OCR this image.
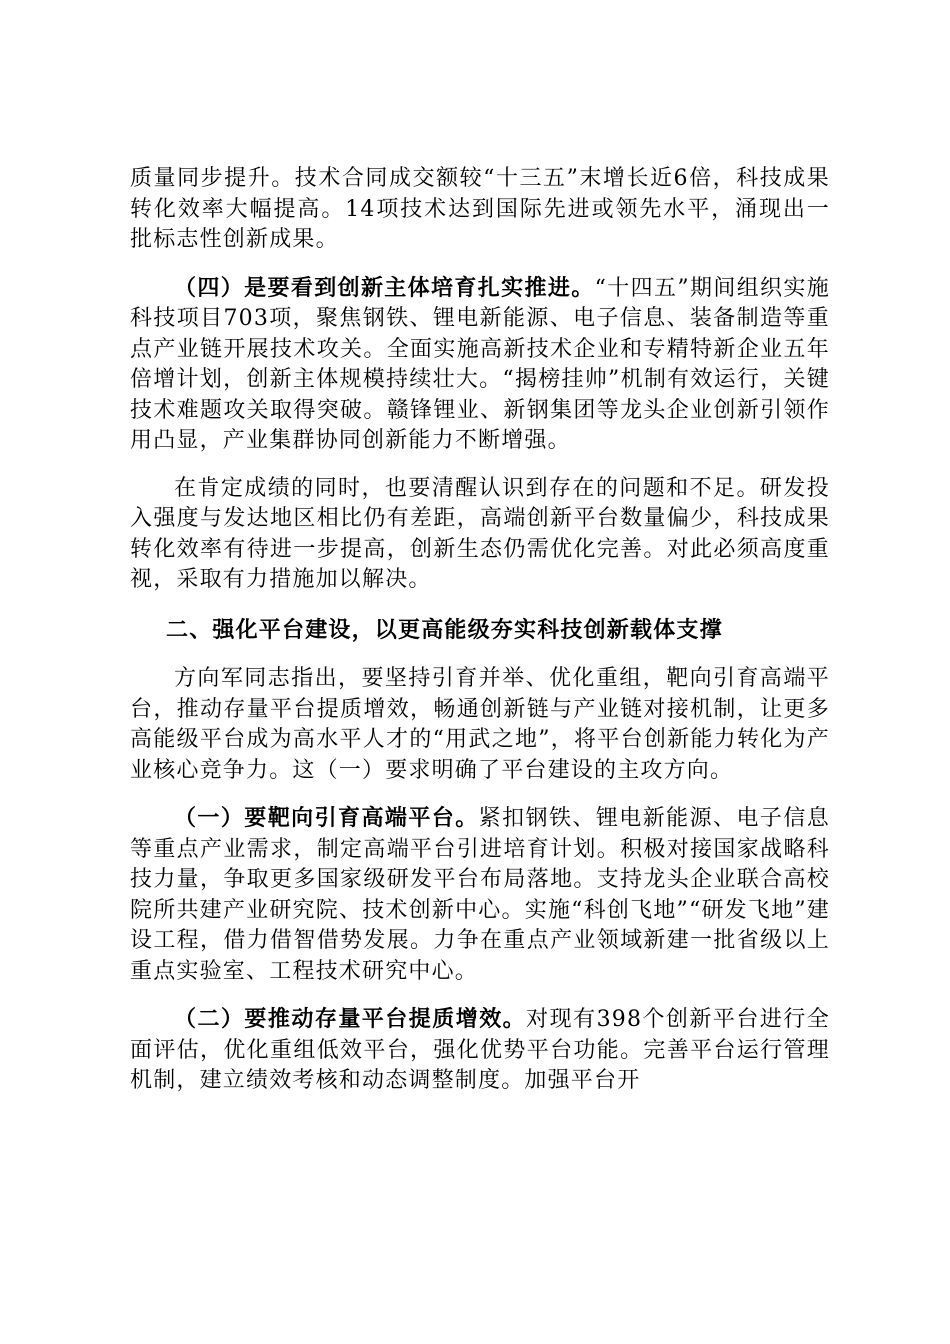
质量同步提升。技术合同成交额较“十三五”末增长近6倍，科技成果转化效率大幅提高。14项技术达到国际先进或领先水平，涌现出一批标志性创新成果。

（四）是要看到创新主体培育扎实推进。“十四五”期间组织实施科技项目703项，聚焦钢铁、锂电新能源、电子信息、装备制造等重点产业链开展技术攻关。全面实施高新技术企业和专精特新企业五年倍增计划，创新主体规模持续壮大。“揭榜挂帅”机制有效运行，关键技术难题攻关取得突破。赣锋锂业、新钢集团等龙头企业创新引领作用凸显，产业集群协同创新能力不断增强。

在肯定成绩的同时，也要清醒认识到存在的问题和不足。研发投入强度与发达地区相比仍有差距，高端创新平台数量偏少，科技成果转化效率有待进一步提高，创新生态仍需优化完善。对此必须高度重视，采取有力措施加以解决。

二、强化平台建设，以更高能级夯实科技创新载体支撑

方向军同志指出，要坚持引育并举、优化重组，靶向引育高端平台，推动存量平台提质增效，畅通创新链与产业链对接机制，让更多高能级平台成为高水平人才的“用武之地”，将平台创新能力转化为产业核心竞争力。这（一）要求明确了平台建设的主攻方向。

（一）要靶向引育高端平台。紧扣钢铁、锂电新能源、电子信息等重点产业需求，制定高端平台引进培育计划。积极对接国家战略科技力量，争取更多国家级研发平台布局落地。支持龙头企业联合高校院所共建产业研究院、技术创新中心。实施“科创飞地”“研发飞地”建设工程，借力借智借势发展。力争在重点产业领域新建一批省级以上重点实验室、工程技术研究中心。

（二）要推动存量平台提质增效。对现有398个创新平台进行全面评估，优化重组低效平台，强化优势平台功能。完善平台运行管理机制，建立绩效考核和动态调整制度。加强平台开
